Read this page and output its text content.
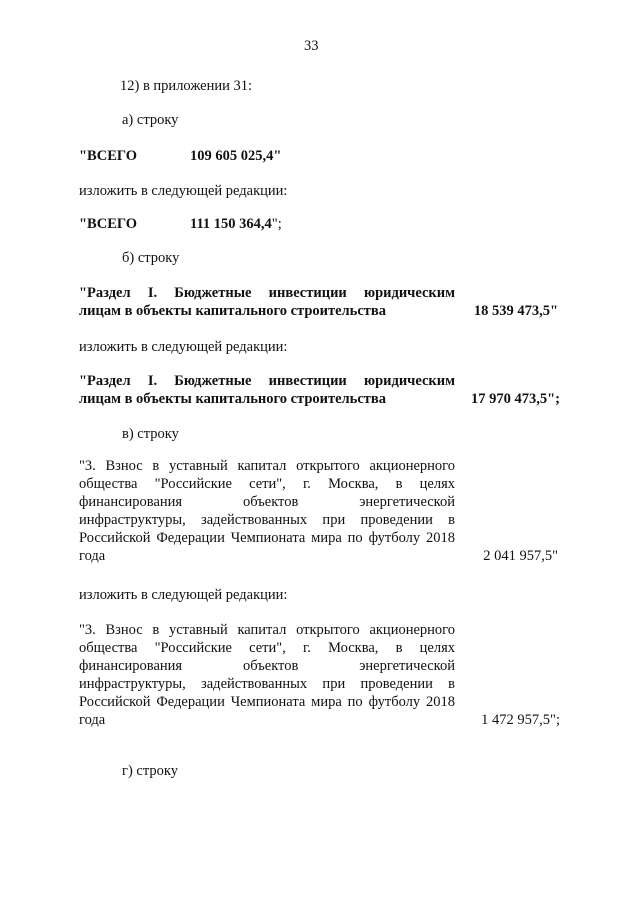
33
12) в приложении 31:
а) строку
"ВСЕГО	109 605 025,4"
изложить в следующей редакции:
"ВСЕГО	111 150 364,4";
б) строку
"Раздел I. Бюджетные инвестиции юридическим
лицам в объекты капитального строительства	18 539 473,5"
изложить в следующей редакции:
"Раздел I. Бюджетные инвестиции юридическим
лицам в объекты капитального строительства	17 970 473,5";
в) строку
"3. Взнос в уставный капитал открытого акционерного
общества "Российские сети", г. Москва, в целях
финансирования объектов энергетической
инфраструктуры, задействованных при проведении в
Российской Федерации Чемпионата мира по футболу 2018
года	2 041 957,5"
изложить в следующей редакции:
"3. Взнос в уставный капитал открытого акционерного
общества "Российские сети", г. Москва, в целях
финансирования объектов энергетической
инфраструктуры, задействованных при проведении в
Российской Федерации Чемпионата мира по футболу 2018
года	1 472 957,5";
г) строку
